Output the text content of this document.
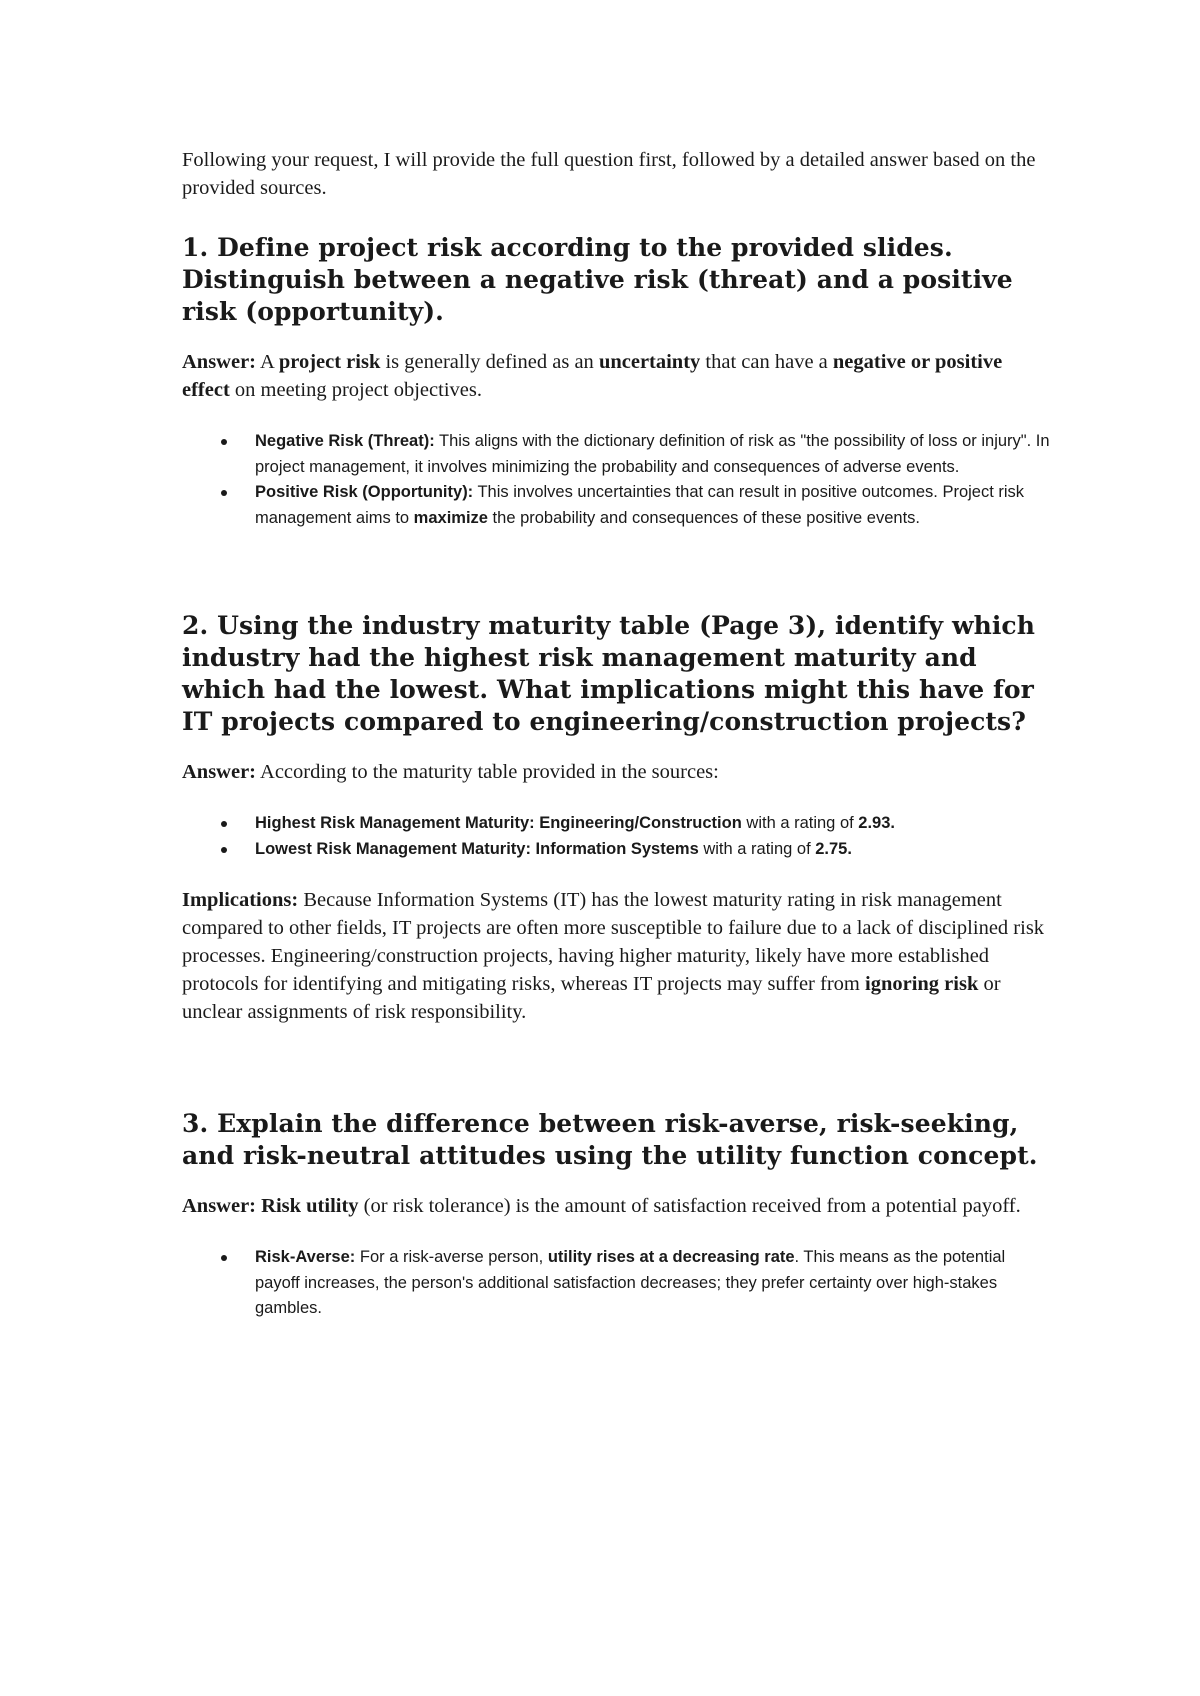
Following your request, I will provide the full question first, followed by a detailed answer based on the provided sources.

1. Define project risk according to the provided slides. Distinguish between a negative risk (threat) and a positive risk (opportunity).

Answer: A project risk is generally defined as an uncertainty that can have a negative or positive effect on meeting project objectives.

Negative Risk (Threat): This aligns with the dictionary definition of risk as "the possibility of loss or injury". In project management, it involves minimizing the probability and consequences of adverse events.
Positive Risk (Opportunity): This involves uncertainties that can result in positive outcomes. Project risk management aims to maximize the probability and consequences of these positive events.
2. Using the industry maturity table (Page 3), identify which industry had the highest risk management maturity and which had the lowest. What implications might this have for IT projects compared to engineering/construction projects?

Answer: According to the maturity table provided in the sources:

Highest Risk Management Maturity: Engineering/Construction with a rating of 2.93.
Lowest Risk Management Maturity: Information Systems with a rating of 2.75.

Implications: Because Information Systems (IT) has the lowest maturity rating in risk management compared to other fields, IT projects are often more susceptible to failure due to a lack of disciplined risk processes. Engineering/construction projects, having higher maturity, likely have more established protocols for identifying and mitigating risks, whereas IT projects may suffer from ignoring risk or unclear assignments of risk responsibility.

3. Explain the difference between risk-averse, risk-seeking, and risk-neutral attitudes using the utility function concept.

Answer: Risk utility (or risk tolerance) is the amount of satisfaction received from a potential payoff.

Risk-Averse: For a risk-averse person, utility rises at a decreasing rate. This means as the potential payoff increases, the person's additional satisfaction decreases; they prefer certainty over high-stakes gambles.
